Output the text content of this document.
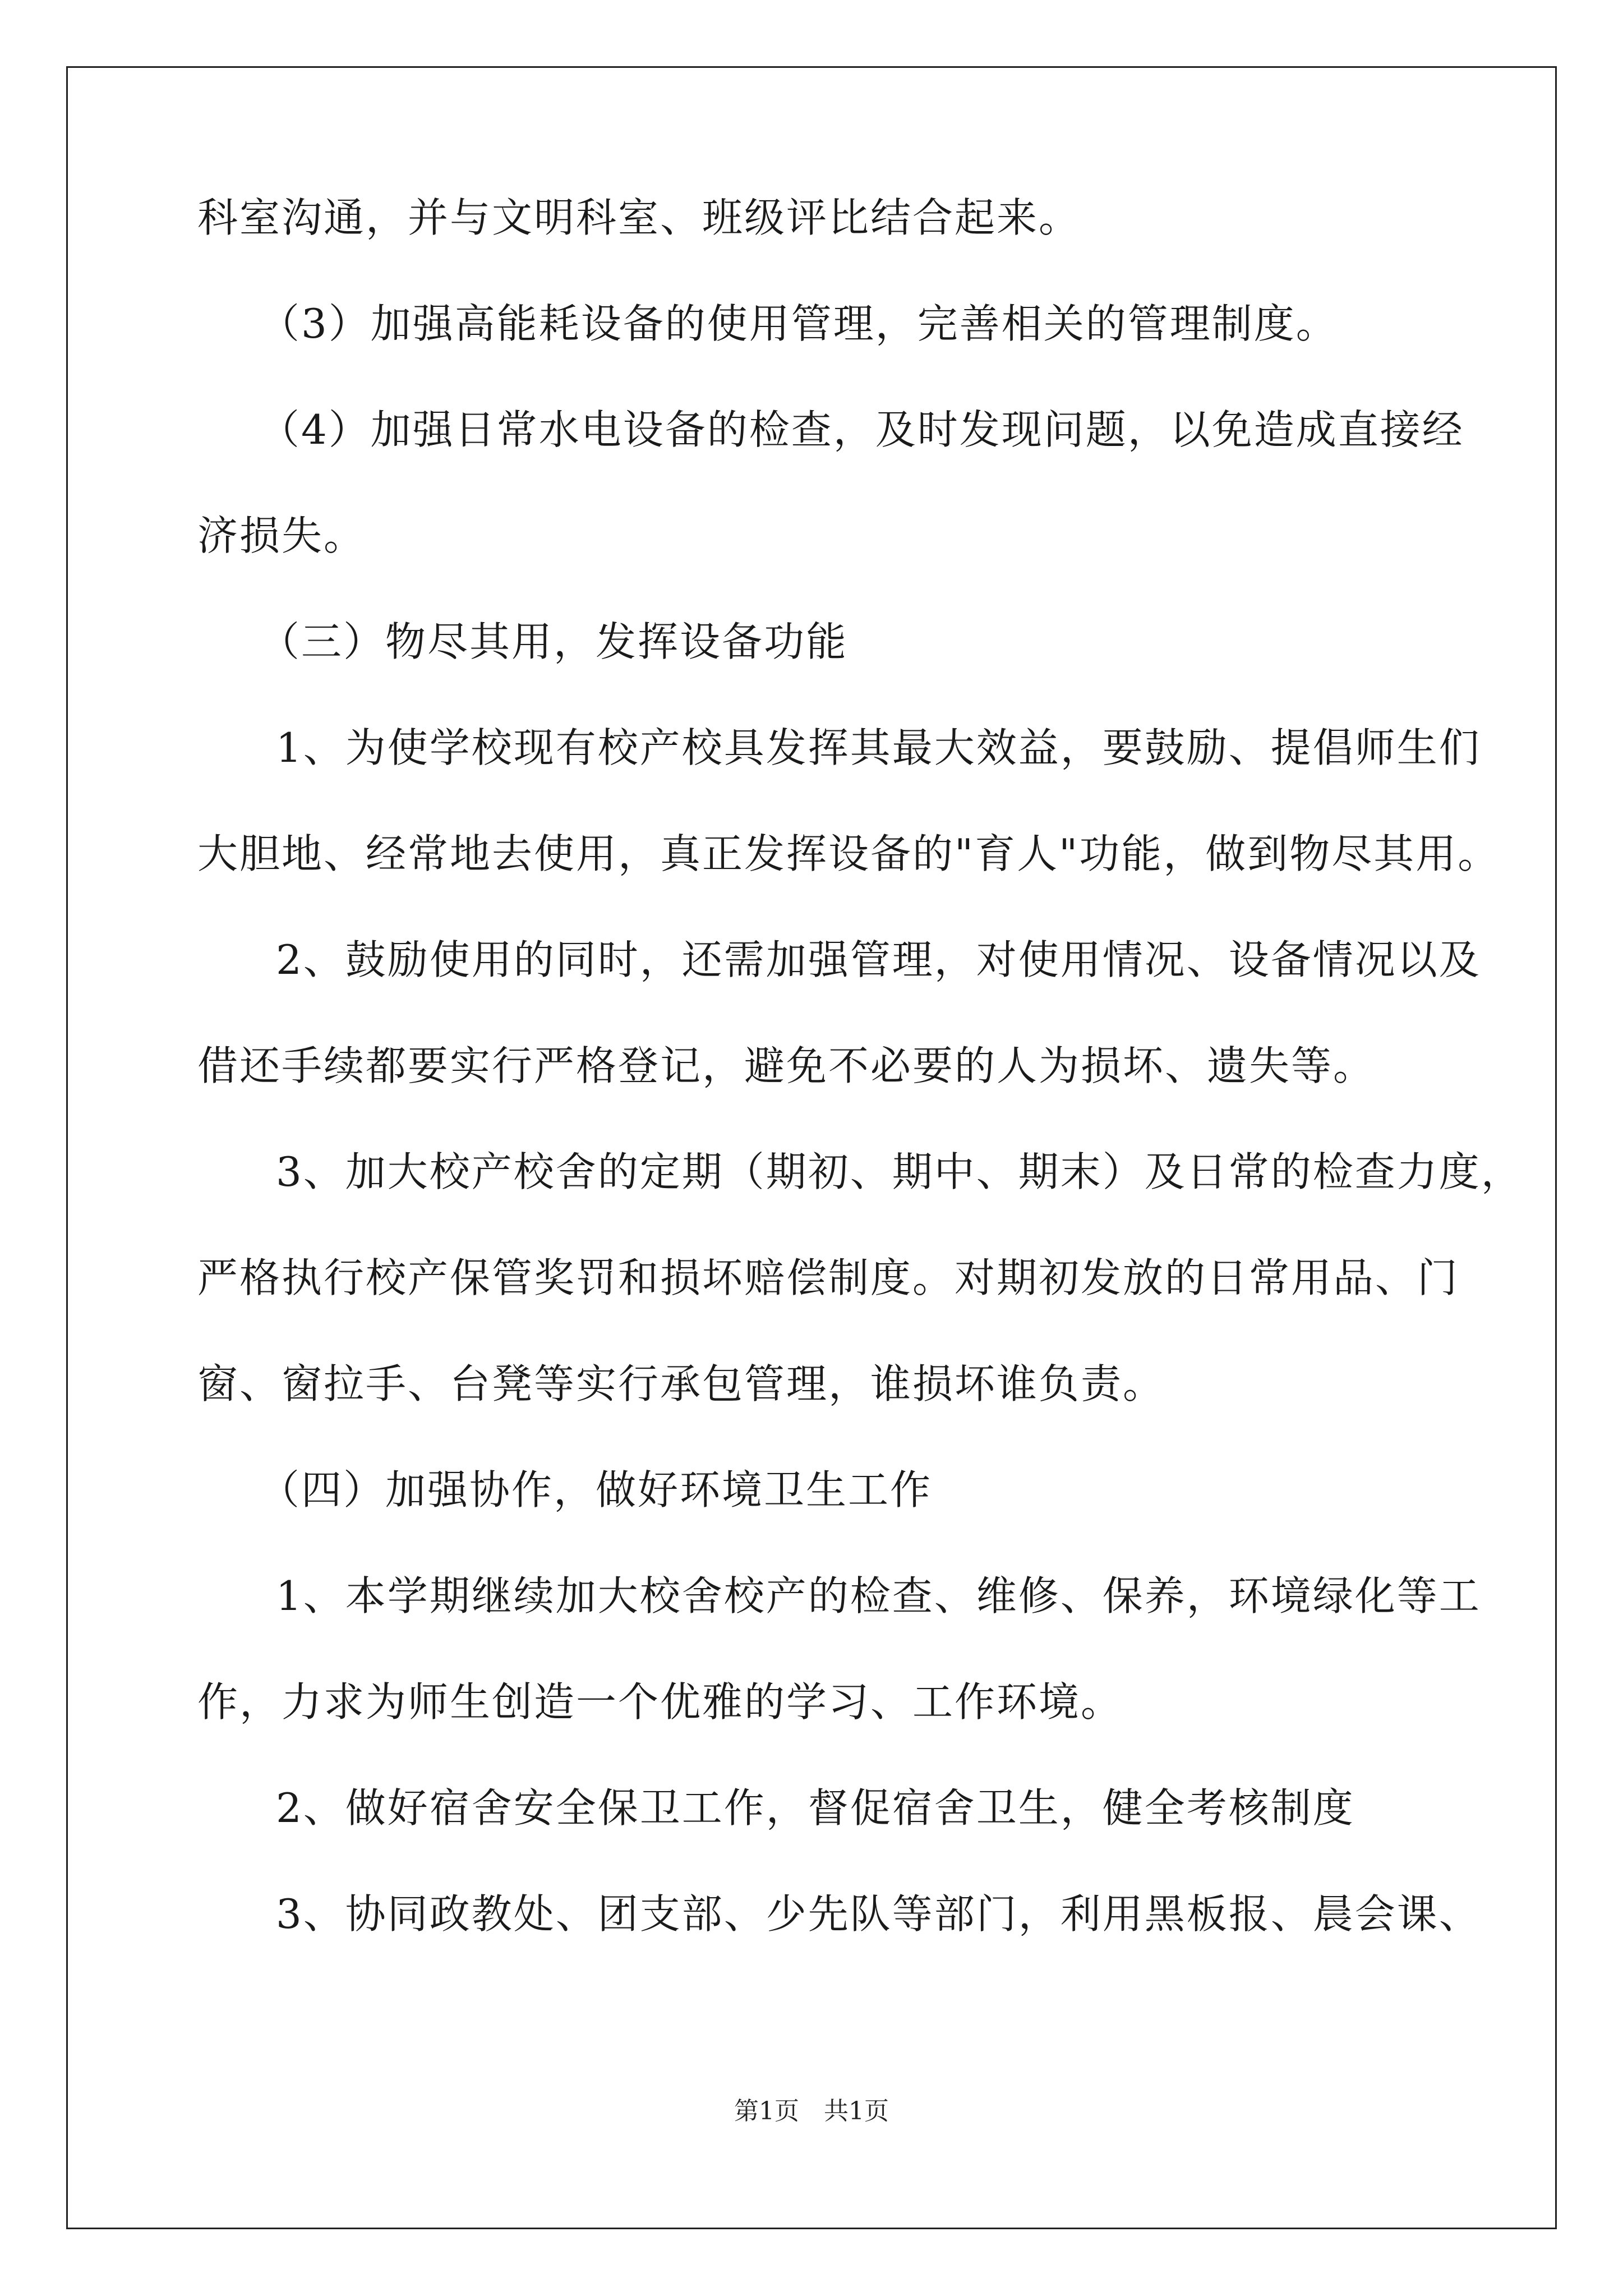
科室沟通，并与文明科室、班级评比结合起来。
（3）加强高能耗设备的使用管理，完善相关的管理制度。
（4）加强日常水电设备的检查，及时发现问题，以免造成直接经
济损失。
（三）物尽其用，发挥设备功能
1、为使学校现有校产校具发挥其最大效益，要鼓励、提倡师生们
大胆地、经常地去使用，真正发挥设备的"育人"功能，做到物尽其用。
2、鼓励使用的同时，还需加强管理，对使用情况、设备情况以及
借还手续都要实行严格登记，避免不必要的人为损坏、遗失等。
3、加大校产校舍的定期（期初、期中、期末）及日常的检查力度，
严格执行校产保管奖罚和损坏赔偿制度。对期初发放的日常用品、门
窗、窗拉手、台凳等实行承包管理，谁损坏谁负责。
（四）加强协作，做好环境卫生工作
1、本学期继续加大校舍校产的检查、维修、保养，环境绿化等工
作，力求为师生创造一个优雅的学习、工作环境。
2、做好宿舍安全保卫工作，督促宿舍卫生，健全考核制度
3、协同政教处、团支部、少先队等部门，利用黑板报、晨会课、
第1页　共1页
